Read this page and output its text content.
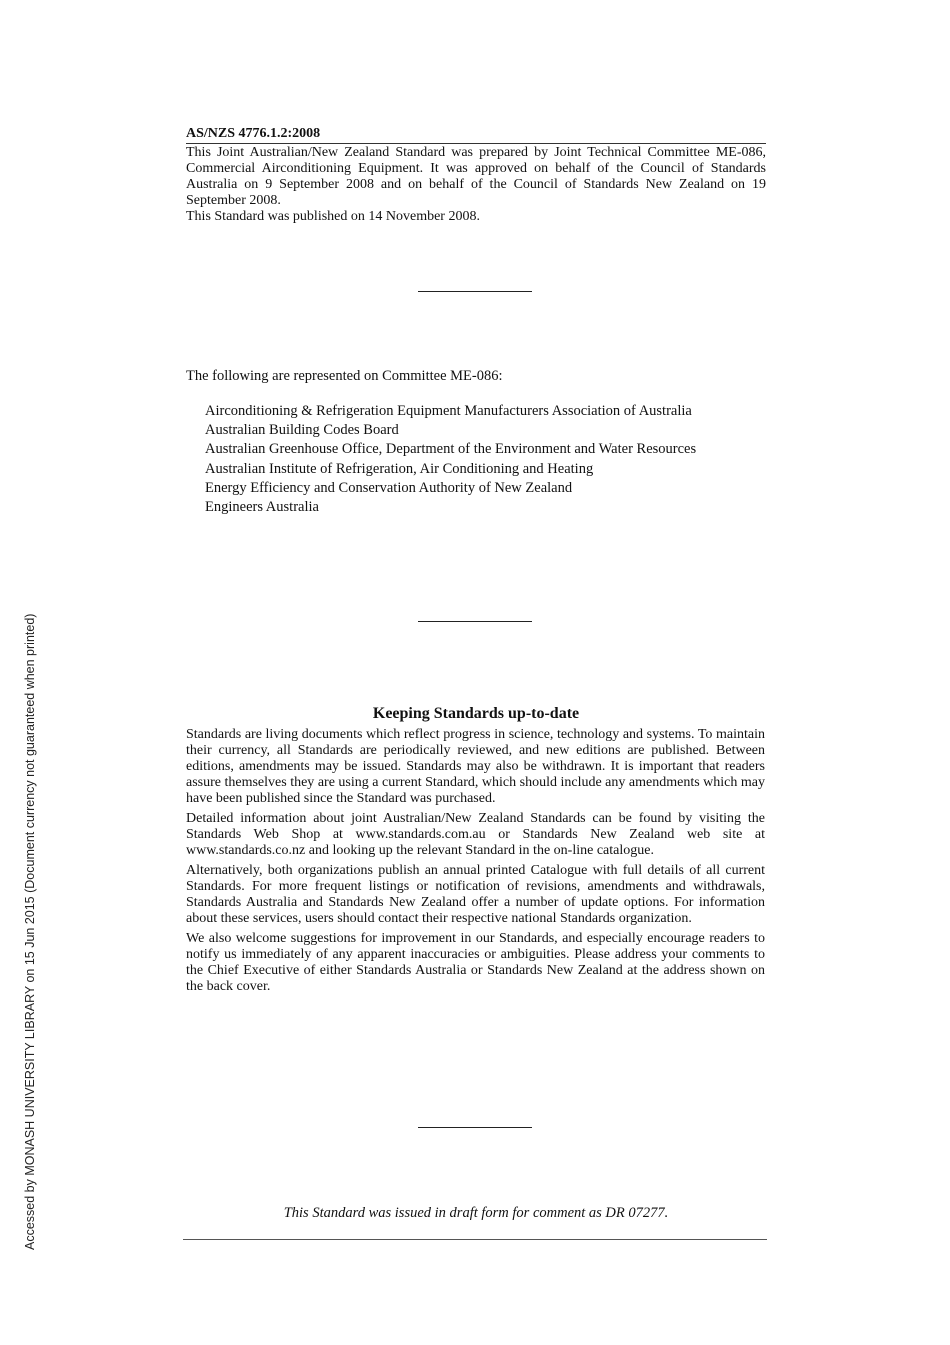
Accessed by MONASH UNIVERSITY LIBRARY on 15 Jun 2015 (Document currency not guaranteed when printed)
AS/NZS 4776.1.2:2008

This Joint Australian/New Zealand Standard was prepared by Joint Technical Committee ME-086, Commercial Airconditioning Equipment. It was approved on behalf of the Council of Standards Australia on 9 September 2008 and on behalf of the Council of Standards New Zealand on 19 September 2008.

This Standard was published on 14 November 2008.

The following are represented on Committee ME-086:
Airconditioning & Refrigeration Equipment Manufacturers Association of Australia
Australian Building Codes Board
Australian Greenhouse Office, Department of the Environment and Water Resources
Australian Institute of Refrigeration, Air Conditioning and Heating
Energy Efficiency and Conservation Authority of New Zealand
Engineers Australia
Keeping Standards up-to-date

Standards are living documents which reflect progress in science, technology and systems. To maintain their currency, all Standards are periodically reviewed, and new editions are published. Between editions, amendments may be issued. Standards may also be withdrawn. It is important that readers assure themselves they are using a current Standard, which should include any amendments which may have been published since the Standard was purchased.

Detailed information about joint Australian/New Zealand Standards can be found by visiting the Standards Web Shop at www.standards.com.au or Standards New Zealand web site at www.standards.co.nz and looking up the relevant Standard in the on-line catalogue.

Alternatively, both organizations publish an annual printed Catalogue with full details of all current Standards. For more frequent listings or notification of revisions, amendments and withdrawals, Standards Australia and Standards New Zealand offer a number of update options. For information about these services, users should contact their respective national Standards organization.

We also welcome suggestions for improvement in our Standards, and especially encourage readers to notify us immediately of any apparent inaccuracies or ambiguities. Please address your comments to the Chief Executive of either Standards Australia or Standards New Zealand at the address shown on the back cover.

This Standard was issued in draft form for comment as DR 07277.
